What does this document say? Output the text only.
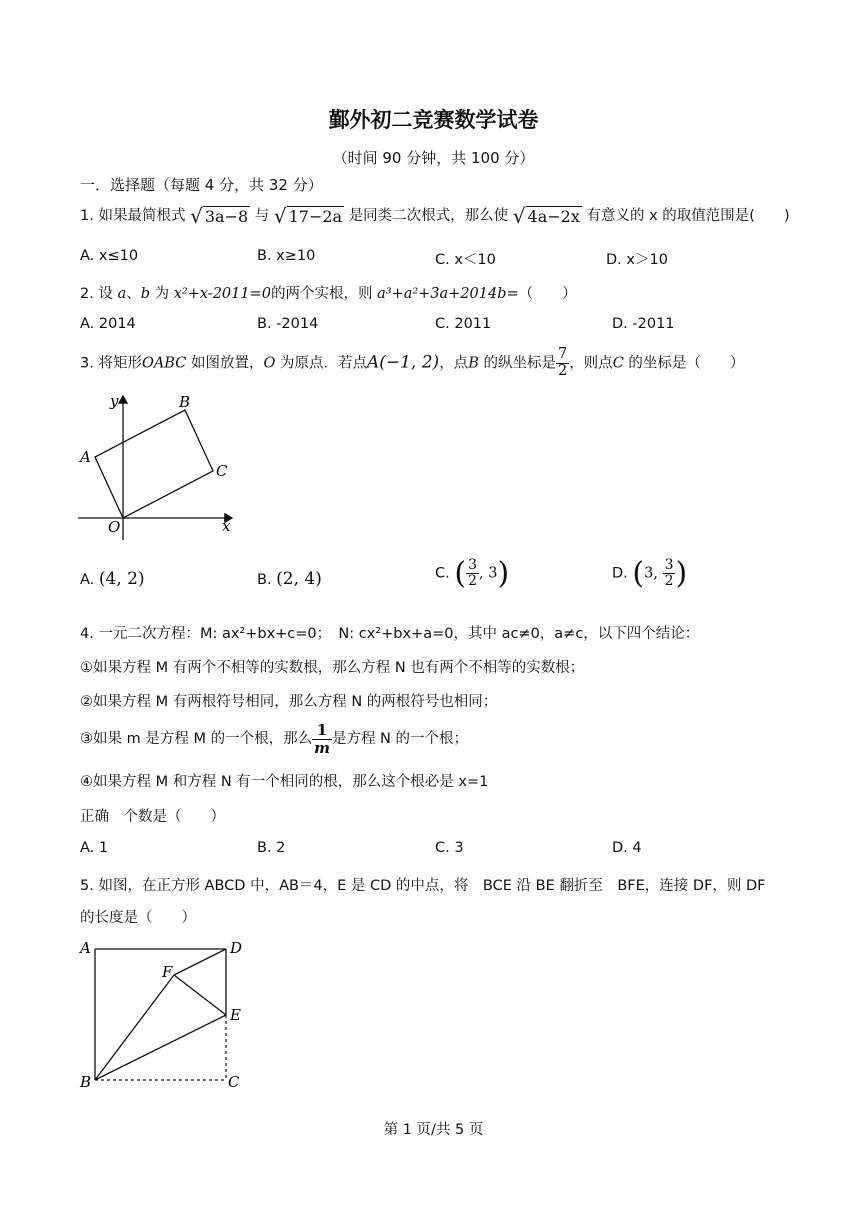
鄞外初二竞赛数学试卷
（时间 90 分钟，共 100 分）
一．选择题（每题 4 分，共 32 分）
1. 如果最简根式 √ 3a−8 与 √ 17−2a 是同类二次根式，那么使 √ 4a−2x 有意义的 x 的取值范围是(　　)
A. x≤10	B. x≥10	C. x＜10	D. x＞10
2. 设 a、b 为 x²+x-2011=0的两个实根，则 a³+a²+3a+2014b=（　　）
A. 2014	B. -2014	C. 2011	D. -2011
3. 将矩形OABC 如图放置，O 为原点．若点A(−1, 2)，点B 的纵坐标是 $\frac{7}{2}$ ，则点C 的坐标是（　　）
y
x
O
A
B
C
A. (4, 2)	B. (2, 4)	C. ( $\frac{3}{2}$ , 3)	D. (3, $\frac{3}{2}$ )
4. 一元二次方程：M: ax²+bx+c=0；　N: cx²+bx+a=0，其中 ac≠0，a≠c，以下四个结论：
①如果方程 M 有两个不相等的实数根，那么方程 N 也有两个不相等的实数根；
②如果方程 M 有两根符号相同，那么方程 N 的两根符号也相同；
③如果 m 是方程 M 的一个根，那么 $\frac{1}{m}$ 是方程 N 的一个根；
④如果方程 M 和方程 N 有一个相同的根，那么这个根必是 x=1
正确　个数是（　　）
A. 1	B. 2	C. 3	D. 4
5. 如图，在正方形 ABCD 中，AB＝4，E 是 CD 的中点，将　BCE 沿 BE 翻折至　BFE，连接 DF，则 DF
的长度是（　　）
A	D
F
E
B	C
第 1 页/共 5 页
